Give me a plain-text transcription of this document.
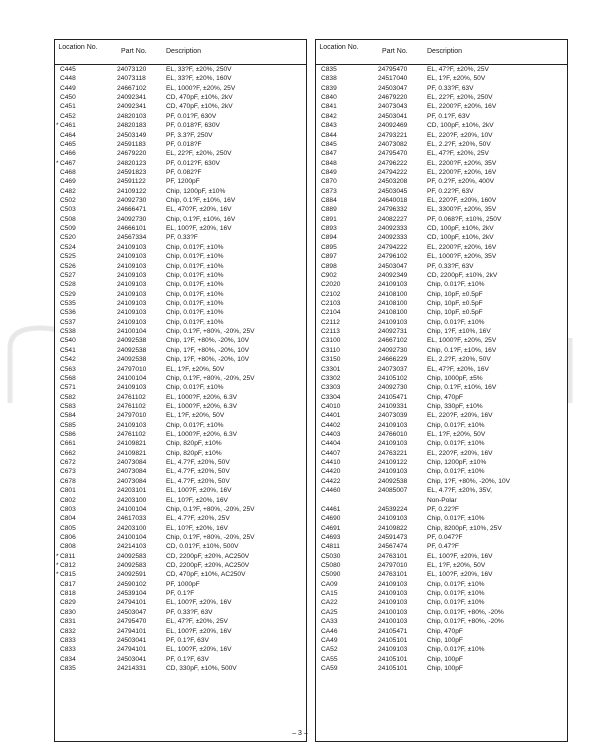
Location No.
Part No.	Description
C445	24073120	EL, 33?F, ±20%, 250V
C448	24073118	EL, 33?F, ±20%, 160V
C449	24667102	EL, 1000?F, ±20%, 25V
C450	24092341	CD, 470pF, ±10%, 2kV
C451	24092341	CD, 470pF, ±10%, 2kV
C452	24820103	PF, 0.01?F, 630V
* C461	24820183	PF, 0.018?F, 630V
C464	24503149	PF, 3.3?F, 250V
C465	24591183	PF, 0.018?F
C466	24679220	EL, 22?F, ±20%, 250V
* C467	24820123	PF, 0.012?F, 630V
C468	24591823	PF, 0.082?F
C469	24591122	PF, 1200pF
C482	24109122	Chip, 1200pF, ±10%
C502	24092730	Chip, 0.1?F, ±10%, 16V
C503	24666471	EL, 470?F, ±20%, 16V
C508	24092730	Chip, 0.1?F, ±10%, 16V
C509	24666101	EL, 100?F, ±20%, 16V
C520	24567334	PF, 0.33?F
C524	24109103	Chip, 0.01?F, ±10%
C525	24109103	Chip, 0.01?F, ±10%
C526	24109103	Chip, 0.01?F, ±10%
C527	24109103	Chip, 0.01?F, ±10%
C528	24109103	Chip, 0.01?F, ±10%
C529	24109103	Chip, 0.01?F, ±10%
C535	24109103	Chip, 0.01?F, ±10%
C536	24109103	Chip, 0.01?F, ±10%
C537	24109103	Chip, 0.01?F, ±10%
C538	24100104	Chip, 0.1?F, +80%, -20%, 25V
C540	24092538	Chip, 1?F, +80%, -20%, 10V
C541	24092538	Chip, 1?F, +80%, -20%, 10V
C542	24092538	Chip, 1?F, +80%, -20%, 10V
C563	24797010	EL, 1?F, ±20%, 50V
C568	24100104	Chip, 0.1?F, +80%, -20%, 25V
C571	24109103	Chip, 0.01?F, ±10%
C582	24761102	EL, 1000?F, ±20%, 6.3V
C583	24761102	EL, 1000?F, ±20%, 6.3V
C584	24797010	EL, 1?F, ±20%, 50V
C585	24109103	Chip, 0.01?F, ±10%
C586	24761102	EL, 1000?F, ±20%, 6.3V
C661	24109821	Chip, 820pF, ±10%
C662	24109821	Chip, 820pF, ±10%
C672	24073084	EL, 4.7?F, ±20%, 50V
C673	24073084	EL, 4.7?F, ±20%, 50V
C678	24073084	EL, 4.7?F, ±20%, 50V
C801	24203101	EL, 100?F, ±20%, 16V
C802	24203100	EL, 10?F, ±20%, 16V
C803	24100104	Chip, 0.1?F, +80%, -20%, 25V
C804	24617033	EL, 4.7?F, ±20%, 25V
C805	24203100	EL, 10?F, ±20%, 16V
C806	24100104	Chip, 0.1?F, +80%, -20%, 25V
C808	24214103	CD, 0.01?F, ±10%, 500V
* C811	24092583	CD, 2200pF, ±20%, AC250V
* C812	24092583	CD, 2200pF, ±20%, AC250V
* C815	24092591	CD, 470pF, ±10%, AC250V
C817	24590102	PF, 1000pF
C818	24539104	PF, 0.1?F
C829	24794101	EL, 100?F, ±20%, 16V
C830	24503047	PF, 0.33?F, 63V
C831	24795470	EL, 47?F, ±20%, 25V
C832	24794101	EL, 100?F, ±20%, 16V
C833	24503041	PF, 0.1?F, 63V
C833	24794101	EL, 100?F, ±20%, 16V
C834	24503041	PF, 0.1?F, 63V
C835	24214331	CD, 330pF, ±10%, 500V
Location No.
Part No.	Description
C835	24795470	EL, 47?F, ±20%, 25V
C838	24517040	EL, 1?F, ±20%, 50V
C839	24503047	PF, 0.33?F, 63V
C840	24679220	EL, 22?F, ±20%, 250V
C841	24073043	EL, 2200?F, ±20%, 16V
C842	24503041	PF, 0.1?F, 63V
C843	24092469	CD, 100pF, ±10%, 2kV
C844	24793221	EL, 220?F, ±20%, 10V
C845	24073082	EL, 2.2?F, ±20%, 50V
C847	24795470	EL, 47?F, ±20%, 25V
C848	24796222	EL, 2200?F, ±20%, 35V
C849	24794222	EL, 2200?F, ±20%, 16V
C870	24503208	PF, 0.2?F, ±20%, 400V
C873	24503045	PF, 0.22?F, 63V
C884	24640018	EL, 220?F, ±20%, 160V
C889	24796332	EL, 3300?F, ±20%, 35V
C891	24082227	PF, 0.068?F, ±10%, 250V
C893	24092333	CD, 100pF, ±10%, 2kV
C894	24092333	CD, 100pF, ±10%, 2kV
C895	24794222	EL, 2200?F, ±20%, 16V
C897	24796102	EL, 1000?F, ±20%, 35V
C898	24503047	PF, 0.33?F, 63V
C902	24092349	CD, 2200pF, ±10%, 2kV
C2020	24109103	Chip, 0.01?F, ±10%
C2102	24108100	Chip, 10pF, ±0.5pF
C2103	24108100	Chip, 10pF, ±0.5pF
C2104	24108100	Chip, 10pF, ±0.5pF
C2112	24109103	Chip, 0.01?F, ±10%
C2113	24092731	Chip, 1?F, ±10%, 16V
C3100	24667102	EL, 1000?F, ±20%, 25V
C3110	24092730	Chip, 0.1?F, ±10%, 16V
C3150	24666229	EL, 2.2?F, ±20%, 50V
C3301	24073037	EL, 47?F, ±20%, 16V
C3302	24105102	Chip, 1000pF, ±5%
C3303	24092730	Chip, 0.1?F, ±10%, 16V
C3304	24105471	Chip, 470pF
C4010	24109331	Chip, 330pF, ±10%
C4401	24073039	EL, 220?F, ±20%, 16V
C4402	24109103	Chip, 0.01?F, ±10%
C4403	24766010	EL, 1?F, ±20%, 50V
C4404	24109103	Chip, 0.01?F, ±10%
C4407	24763221	EL, 220?F, ±20%, 16V
C4410	24109122	Chip, 1200pF, ±10%
C4420	24109103	Chip, 0.01?F, ±10%
C4422	24092538	Chip, 1?F, +80%, -20%, 10V
C4460	24085007	EL, 4.7?F, ±20%, 35V,
Non-Polar
C4461	24539224	PF, 0.22?F
C4690	24109103	Chip, 0.01?F, ±10%
C4691	24109822	Chip, 8200pF, ±10%, 25V
C4693	24591473	PF, 0.047?F
C4811	24567474	PF, 0.47?F
C5030	24763101	EL, 100?F, ±20%, 16V
C5080	24797010	EL, 1?F, ±20%, 50V
C5090	24763101	EL, 100?F, ±20%, 16V
CA09	24109103	Chip, 0.01?F, ±10%
CA15	24109103	Chip, 0.01?F, ±10%
CA22	24109103	Chip, 0.01?F, ±10%
CA25	24100103	Chip, 0.01?F, +80%, -20%
CA33	24100103	Chip, 0.01?F, +80%, -20%
CA46	24105471	Chip, 470pF
CA49	24105101	Chip, 100pF
CA52	24109103	Chip, 0.01?F, ±10%
CA55	24105101	Chip, 100pF
CA59	24105101	Chip, 100pF
– 3 –
